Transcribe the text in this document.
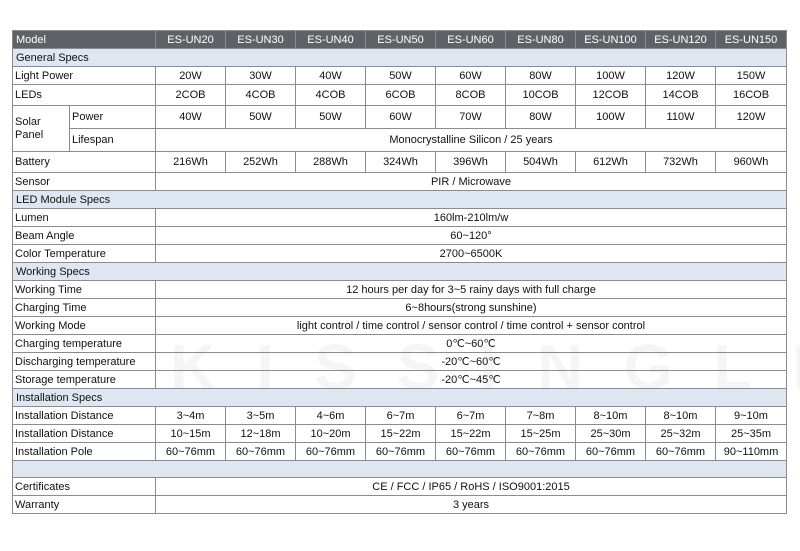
Model		ES-UN20	ES-UN30	ES-UN40	ES-UN50	ES-UN60	ES-UN80	ES-UN100	ES-UN120	ES-UN150
General Specs										
Light Power		20W	30W	40W	50W	60W	80W	100W	120W	150W
LEDs		2COB	4COB	4COB	6COB	8COB	10COB	12COB	14COB	16COB
Solar Panel	Power	40W	50W	50W	60W	70W	80W	100W	110W	120W
	Lifespan	Monocrystalline Silicon / 25 years								
Battery		216Wh	252Wh	288Wh	324Wh	396Wh	504Wh	612Wh	732Wh	960Wh
Sensor		PIR / Microwave								
LED Module Specs										
Lumen		160lm-210lm/w								
Beam Angle		60~120°								
Color Temperature		2700~6500K								
Working Specs										
Working Time		12 hours per day for 3~5 rainy days with full charge								
Charging Time		6~8hours(strong sunshine)								
Working Mode		light control / time control / sensor control / time control + sensor control								
Charging temperature		0℃~60℃								
Discharging temperature		-20℃~60℃								
Storage temperature		-20℃~45℃								
Installation Specs										
Installation Distance		3~4m	3~5m	4~6m	6~7m	6~7m	7~8m	8~10m	8~10m	9~10m
Installation Distance		10~15m	12~18m	10~20m	15~22m	15~22m	15~25m	25~30m	25~32m	25~35m
Installation Pole		60~76mm	60~76mm	60~76mm	60~76mm	60~76mm	60~76mm	60~76mm	60~76mm	90~110mm

Certificates		CE / FCC / IP65 / RoHS / ISO9001:2015								
Warranty		3 years								
